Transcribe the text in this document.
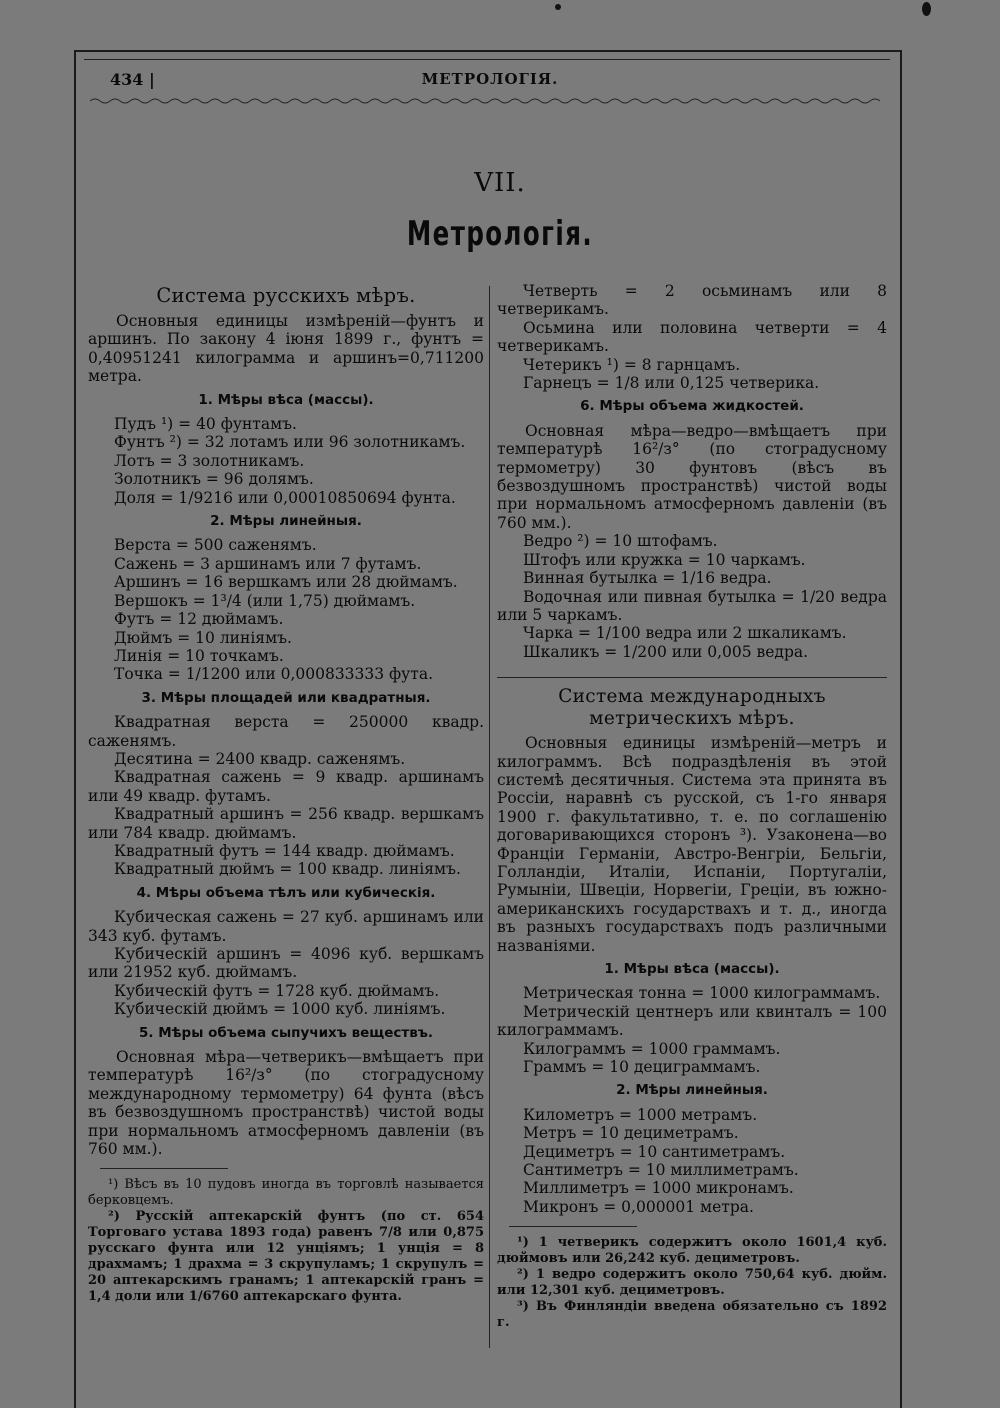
434 |	МЕТРОЛОГIЯ.
VII.
Метрологiя.
Система русскихъ мѣръ.

Основныя единицы измѣреній—фунтъ и аршинъ. По закону 4 iюня 1899 г., фунтъ = 0,40951241 килограмма и аршинъ=0,711200 метра.

1. Мѣры вѣса (массы).

Пудъ ¹) = 40 фунтамъ.

Фунтъ ²) = 32 лотамъ или 96 золотникамъ.

Лотъ = 3 золотникамъ.

Золотникъ = 96 долямъ.

Доля = 1/9216 или 0,00010850694 фунта.

2. Мѣры линейныя.

Верста = 500 саженямъ.

Сажень = 3 аршинамъ или 7 футамъ.

Аршинъ = 16 вершкамъ или 28 дюймамъ.

Вершокъ = 1³/4 (или 1,75) дюймамъ.

Футъ = 12 дюймамъ.

Дюймъ = 10 линiямъ.

Линiя = 10 точкамъ.

Точка = 1/1200 или 0,000833333 фута.

3. Мѣры площадей или квадратныя.

Квадратная верста = 250000 квадр. саженямъ.

Десятина = 2400 квадр. саженямъ.

Квадратная сажень = 9 квадр. аршинамъ или 49 квадр. футамъ.

Квадратный аршинъ = 256 квадр. вершкамъ или 784 квадр. дюймамъ.

Квадратный футъ = 144 квадр. дюймамъ.

Квадратный дюймъ = 100 квадр. линiямъ.

4. Мѣры объема тѣлъ или кубическiя.

Кубическая сажень = 27 куб. аршинамъ или 343 куб. футамъ.

Кубическiй аршинъ = 4096 куб. вершкамъ или 21952 куб. дюймамъ.

Кубическiй футъ = 1728 куб. дюймамъ.

Кубическiй дюймъ = 1000 куб. линiямъ.

5. Мѣры объема сыпучихъ веществъ.

Основная мѣра—четверикъ—вмѣщаетъ при температурѣ 16²/з° (по стоградусному международному термометру) 64 фунта (вѣсъ въ безвоздушномъ пространствѣ) чистой воды при нормальномъ атмосферномъ давленiи (въ 760 мм.).

¹) Вѣсъ въ 10 пудовъ иногда въ торговлѣ называется берковцемъ.

²) Русскiй аптекарскiй фунтъ (по ст. 654 Торговаго устава 1893 года) равенъ 7/8 или 0,875 русскаго фунта или 12 унцiямъ; 1 унцiя = 8 драхмамъ; 1 драхма = 3 скрупуламъ; 1 скрупулъ = 20 аптекарскимъ гранамъ; 1 аптекарскiй гранъ = 1,4 доли или 1/6760 аптекарскаго фунта.

Четверть = 2 осьминамъ или 8 четверикамъ.

Осьмина или половина четверти = 4 четверикамъ.

Четерикъ ¹) = 8 гарнцамъ.

Гарнецъ = 1/8 или 0,125 четверика.

6. Мѣры объема жидкостей.

Основная мѣра—ведро—вмѣщаетъ при температурѣ 16²/з° (по стоградусному термометру) 30 фунтовъ (вѣсъ въ безвоздушномъ пространствѣ) чистой воды при нормальномъ атмосферномъ давленiи (въ 760 мм.).

Ведро ²) = 10 штофамъ.

Штофъ или кружка = 10 чаркамъ.

Винная бутылка = 1/16 ведра.

Водочная или пивная бутылка = 1/20 ведра или 5 чаркамъ.

Чарка = 1/100 ведра или 2 шкаликамъ.

Шкаликъ = 1/200 или 0,005 ведра.

Система международныхъ метрическихъ мѣръ.

Основныя единицы измѣренiй—метръ и килограммъ. Всѣ подраздѣленiя въ этой системѣ десятичныя. Система эта принята въ Россiи, наравнѣ съ русской, съ 1-го января 1900 г. факультативно, т. е. по соглашенiю договаривающихся сторонъ ³). Узаконена—во Францiи Германiи, Австро-Венгрiи, Бельгiи, Голландiи, Италiи, Испанiи, Португалiи, Румынiи, Швецiи, Норвегiи, Грецiи, въ южно-американскихъ государствахъ и т. д., иногда въ разныхъ государствахъ подъ различными названiями.

1. Мѣры вѣса (массы).

Метрическая тонна = 1000 килограммамъ.

Метрическiй центнеръ или квинталъ = 100 килограммамъ.

Килограммъ = 1000 граммамъ.

Граммъ = 10 дециграммамъ.

2. Мѣры линейныя.

Километръ = 1000 метрамъ.

Метръ = 10 дециметрамъ.

Дециметръ = 10 сантиметрамъ.

Сантиметръ = 10 миллиметрамъ.

Миллиметръ = 1000 микронамъ.

Микронъ = 0,000001 метра.

¹) 1 четверикъ содержитъ около 1601,4 куб. дюймовъ или 26,242 куб. дециметровъ.

²) 1 ведро содержитъ около 750,64 куб. дюйм. или 12,301 куб. дециметровъ.

³) Въ Финляндiи введена обязательно съ 1892 г.
